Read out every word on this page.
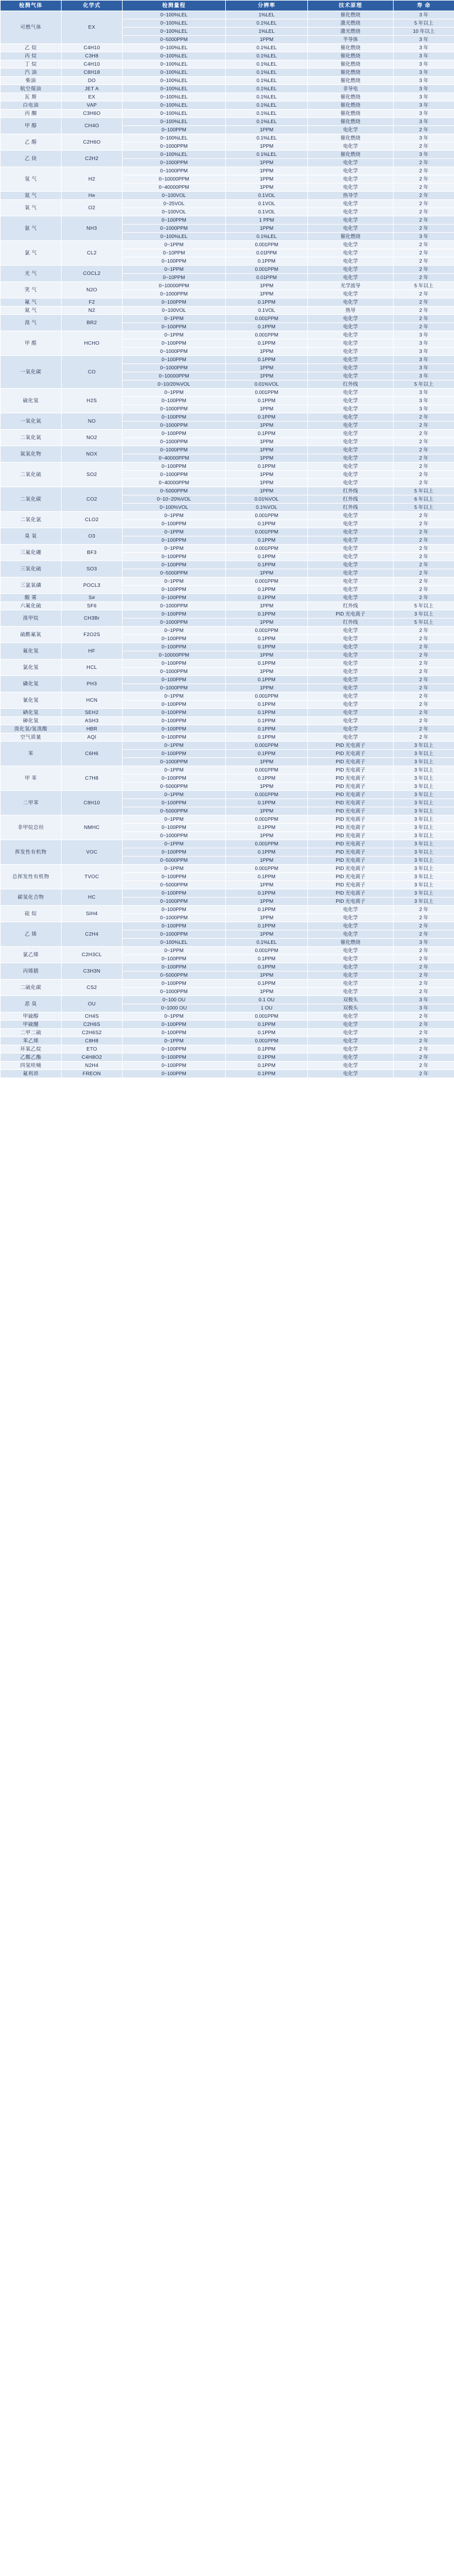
检测气体	化学式	检测量程	分辨率	技术原理	寿 命
可燃气体	EX	0~100%LEL	1%LEL	催化燃烧	3 年
		0~100%LEL	0.1%LEL	激光燃烧	5 年以上
		0~100%LEL	1%LEL	激光燃烧	10 年以上
		0~5000PPM	1PPM	半导体	3 年
乙 烷	C4H10	0~100%LEL	0.1%LEL	催化燃烧	3 年
丙 烷	C3H8	0~100%LEL	0.1%LEL	催化燃烧	3 年
丁 烷	C4H10	0~100%LEL	0.1%LEL	催化燃烧	3 年
汽 油	C8H18	0~100%LEL	0.1%LEL	催化燃烧	3 年
柴油	DO	0~100%LEL	0.1%LEL	催化燃烧	3 年
航空煤油	JET A	0~100%LEL	0.1%LEL	非导电	3 年
瓦 斯	EX	0~100%LEL	0.1%LEL	催化燃烧	3 年
白电油	VAP	0~100%LEL	0.1%LEL	催化燃烧	3 年
丙 酮	C3H6O	0~100%LEL	0.1%LEL	催化燃烧	3 年
甲 醇	CH4O	0~100%LEL	0.1%LEL	催化燃烧	3 年
		0~100PPM	1PPM	电化学	2 年
乙 醇	C2H6O	0~100%LEL	0.1%LEL	催化燃烧	3 年
		0~1000PPM	1PPM	电化学	2 年
乙 炔	C2H2	0~100%LEL	0.1%LEL	催化燃烧	3 年
		0~1000PPM	1PPM	电化学	2 年
氢 气	H2	0~1000PPM	1PPM	电化学	2 年
		0~10000PPM	1PPM	电化学	2 年
		0~40000PPM	1PPM	电化学	2 年
氦 气	He	0~100VOL	0.1VOL	热导学	2 年
氧 气	O2	0~25VOL	0.1VOL	电化学	2 年
		0~100VOL	0.1VOL	电化学	2 年
氨 气	NH3	0~100PPM	1 PPM	电化学	2 年
		0~1000PPM	1PPM	电化学	2 年
		0~100%LEL	0.1%LEL	催化燃烧	3 年
氯 气	CL2	0~1PPM	0.001PPM	电化学	2 年
		0~10PPM	0.01PPM	电化学	2 年
		0~100PPM	0.1PPM	电化学	2 年
光 气	COCL2	0~1PPM	0.001PPM	电化学	2 年
		0~10PPM	0.01PPM	电化学	2 年
笑 气	N2O	0~10000PPM	1PPM	光学波导	5 年以上
		0~1000PPM	1PPM	电化学	2 年
氟 气	F2	0~100PPM	0.1PPM	电化学	2 年
氮 气	N2	0~100VOL	0.1VOL	热导	2 年
溴 气	BR2	0~1PPM	0.001PPM	电化学	2 年
		0~100PPM	0.1PPM	电化学	2 年
甲 醛	HCHO	0~1PPM	0.001PPM	电化学	3 年
		0~100PPM	0.1PPM	电化学	3 年
		0~1000PPM	1PPM	电化学	3 年
一氧化碳	CO	0~100PPM	0.1PPM	电化学	3 年
		0~1000PPM	1PPM	电化学	3 年
		0~10000PPM	1PPM	电化学	3 年
		0~10/20%VOL	0.01%VOL	红外线	5 年以上
硫化氢	H2S	0~1PPM	0.001PPM	电化学	3 年
		0~100PPM	0.1PPM	电化学	3 年
		0~1000PPM	1PPM	电化学	3 年
一氧化氮	NO	0~100PPM	0.1PPM	电化学	2 年
		0~1000PPM	1PPM	电化学	2 年
二氧化氮	NO2	0~100PPM	0.1PPM	电化学	2 年
		0~1000PPM	1PPM	电化学	2 年
氮氧化物	NOX	0~1000PPM	1PPM	电化学	2 年
		0~40000PPM	1PPM	电化学	2 年
二氧化硫	SO2	0~100PPM	0.1PPM	电化学	2 年
		0~1000PPM	1PPM	电化学	2 年
		0~40000PPM	1PPM	电化学	2 年
二氧化碳	CO2	0~5000PPM	1PPM	红外线	5 年以上
		0~10~20%VOL	0.01%VOL	红外线	6 年以上
		0~100%VOL	0.1%VOL	红外线	5 年以上
二氧化氯	CLO2	0~1PPM	0.001PPM	电化学	2 年
		0~100PPM	0.1PPM	电化学	2 年
臭 氧	O3	0~1PPM	0.001PPM	电化学	2 年
		0~100PPM	0.1PPM	电化学	2 年
三氟化硼	BF3	0~1PPM	0.001PPM	电化学	2 年
		0~100PPM	0.1PPM	电化学	2 年
三氧化硫	SO3	0~100PPM	0.1PPM	电化学	2 年
		0~5000PPM	1PPM	电化学	2 年
三氯氧磷	POCL3	0~1PPM	0.001PPM	电化学	2 年
		0~100PPM	0.1PPM	电化学	2 年
酸 雾	S#	0~100PPM	0.1PPM	电化学	2 年
六氟化硫	SF6	0~1000PPM	1PPM	红外线	5 年以上
溴甲烷	CH3Br	0~100PPM	0.1PPM	PID 光电离子	3 年以上
		0~1000PPM	1PPM	红外线	5 年以上
硫酰氟氧	F2O2S	0~1PPM	0.001PPM	电化学	2 年
		0~100PPM	0.1PPM	电化学	2 年
氟化氢	HF	0~100PPM	0.1PPM	电化学	2 年
		0~10000PPM	1PPM	电化学	2 年
氯化氢	HCL	0~100PPM	0.1PPM	电化学	2 年
		0~1000PPM	1PPM	电化学	2 年
磷化氢	PH3	0~100PPM	0.1PPM	电化学	2 年
		0~1000PPM	1PPM	电化学	2 年
氰化氢	HCN	0~1PPM	0.001PPM	电化学	2 年
		0~100PPM	0.1PPM	电化学	2 年
硒化氢	SEH2	0~100PPM	0.1PPM	电化学	2 年
砷化氢	ASH3	0~100PPM	0.1PPM	电化学	2 年
溴化氢/氢溴酸	HBR	0~100PPM	0.1PPM	电化学	2 年
空气质量	AQI	0~100PPM	0.1PPM	电化学	2 年
苯	C6H6	0~1PPM	0.001PPM	PID 光电离子	3 年以上
		0~100PPM	0.1PPM	PID 光电离子	3 年以上
		0~1000PPM	1PPM	PID 光电离子	3 年以上
甲 苯	C7H8	0~1PPM	0.001PPM	PID 光电离子	3 年以上
		0~100PPM	0.1PPM	PID 光电离子	3 年以上
		0~5000PPM	1PPM	PID 光电离子	3 年以上
二甲苯	C8H10	0~1PPM	0.001PPM	PID 光电离子	3 年以上
		0~100PPM	0.1PPM	PID 光电离子	3 年以上
		0~5000PPM	1PPM	PID 光电离子	3 年以上
非甲烷总烃	NMHC	0~1PPM	0.001PPM	PID 光电离子	3 年以上
		0~100PPM	0.1PPM	PID 光电离子	3 年以上
		0~1000PPM	1PPM	PID 光电离子	3 年以上
挥发性有机物	VOC	0~1PPM	0.001PPM	PID 光电离子	3 年以上
		0~100PPM	0.1PPM	PID 光电离子	3 年以上
		0~5000PPM	1PPM	PID 光电离子	3 年以上
总挥发性有机物	TVOC	0~1PPM	0.001PPM	PID 光电离子	3 年以上
		0~100PPM	0.1PPM	PID 光电离子	3 年以上
		0~5000PPM	1PPM	PID 光电离子	3 年以上
碳氢化合物	HC	0~100PPM	0.1PPM	PID 光电离子	3 年以上
		0~1000PPM	1PPM	PID 光电离子	3 年以上
硅 烷	SIH4	0~100PPM	0.1PPM	电化学	2 年
		0~1000PPM	1PPM	电化学	2 年
乙 烯	C2H4	0~100PPM	0.1PPM	电化学	2 年
		0~1000PPM	1PPM	电化学	2 年
		0~100%LEL	0.1%LEL	催化燃烧	3 年
氯乙烯	C2H3CL	0~1PPM	0.001PPM	电化学	2 年
		0~100PPM	0.1PPM	电化学	2 年
丙烯腈	C3H3N	0~100PPM	0.1PPM	电化学	2 年
		0~5000PPM	1PPM	电化学	2 年
二硫化碳	CS2	0~100PPM	0.1PPM	电化学	2 年
		0~1000PPM	1PPM	电化学	2 年
恶 臭	OU	0~100 OU	0.1 OU	双极头	3 年
		0~1000 OU	1 OU	双极头	3 年
甲硫醇	CH4S	0~1PPM	0.001PPM	电化学	2 年
甲硫醚	C2H6S	0~100PPM	0.1PPM	电化学	2 年
二甲二硫	C2H6S2	0~100PPM	0.1PPM	电化学	2 年
苯乙烯	C8H8	0~1PPM	0.001PPM	电化学	2 年
环氧乙烷	ETO	0~100PPM	0.1PPM	电化学	2 年
乙酸乙酯	C4H8O2	0~100PPM	0.1PPM	电化学	2 年
四氢呋喃	N2H4	0~100PPM	0.1PPM	电化学	2 年
氟利昂	FREON	0~100PPM	0.1PPM	电化学	2 年
